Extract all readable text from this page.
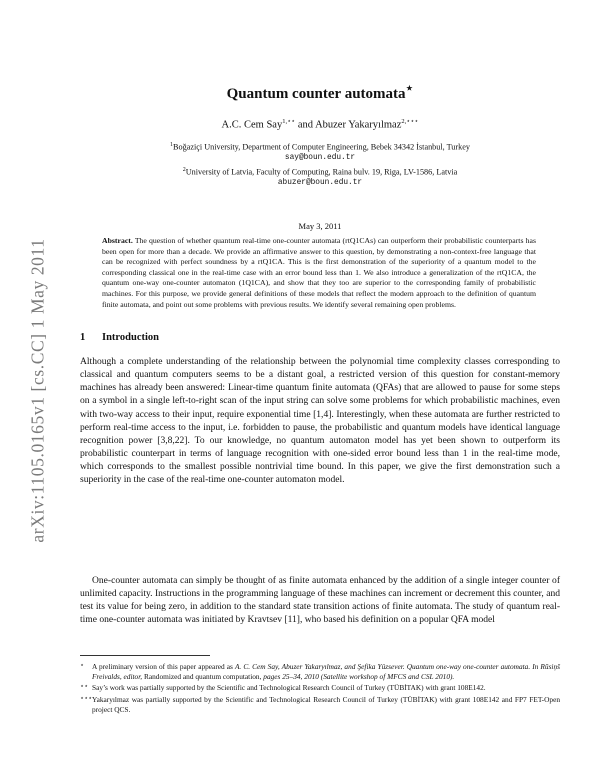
arXiv:1105.0165v1 [cs.CC] 1 May 2011
Quantum counter automata⋆
A.C. Cem Say$^{1,⋆⋆}$ and Abuzer Yakaryılmaz$^{2,⋆⋆⋆}$
$^1$Boğaziçi University, Department of Computer Engineering, Bebek 34342 İstanbul, Turkey
say@boun.edu.tr
$^2$University of Latvia, Faculty of Computing, Raina bulv. 19, Riga, LV-1586, Latvia
abuzer@boun.edu.tr
May 3, 2011

Abstract. The question of whether quantum real-time one-counter automata (rtQ1CAs) can outperform their probabilistic counterparts has been open for more than a decade. We provide an affirmative answer to this question, by demonstrating a non-context-free language that can be recognized with perfect soundness by a rtQ1CA. This is the first demonstration of the superiority of a quantum model to the corresponding classical one in the real-time case with an error bound less than 1. We also introduce a generalization of the rtQ1CA, the quantum one-way one-counter automaton (1Q1CA), and show that they too are superior to the corresponding family of probabilistic machines. For this purpose, we provide general definitions of these models that reflect the modern approach to the definition of quantum finite automata, and point out some problems with previous results. We identify several remaining open problems.

1 Introduction

Although a complete understanding of the relationship between the polynomial time complexity classes corresponding to classical and quantum computers seems to be a distant goal, a restricted version of this question for constant-memory machines has already been answered: Linear-time quantum finite automata (QFAs) that are allowed to pause for some steps on a symbol in a single left-to-right scan of the input string can solve some problems for which probabilistic machines, even with two-way access to their input, require exponential time [1,4]. Interestingly, when these automata are further restricted to perform real-time access to the input, i.e. forbidden to pause, the probabilistic and quantum models have identical language recognition power [3,8,22]. To our knowledge, no quantum automaton model has yet been shown to outperform its probabilistic counterpart in terms of language recognition with one-sided error bound less than 1 in the real-time mode, which corresponds to the smallest possible nontrivial time bound. In this paper, we give the first demonstration such a superiority in the case of the real-time one-counter automaton model.

One-counter automata can simply be thought of as finite automata enhanced by the addition of a single integer counter of unlimited capacity. Instructions in the programming language of these machines can increment or decrement this counter, and test its value for being zero, in addition to the standard state transition actions of finite automata. The study of quantum real-time one-counter automata was initiated by Kravtsev [11], who based his definition on a popular QFA model

⋆ A preliminary version of this paper appeared as A. C. Cem Say, Abuzer Yakaryılmaz, and Şefika Yüzsever. Quantum one-way one-counter automata. In Rūsiņš Freivalds, editor, Randomized and quantum computation, pages 25–34, 2010 (Satellite workshop of MFCS and CSL 2010).
⋆⋆ Say’s work was partially supported by the Scientific and Technological Research Council of Turkey (TÜBİTAK) with grant 108E142.
⋆⋆⋆ Yakaryılmaz was partially supported by the Scientific and Technological Research Council of Turkey (TÜBİTAK) with grant 108E142 and FP7 FET-Open project QCS.
